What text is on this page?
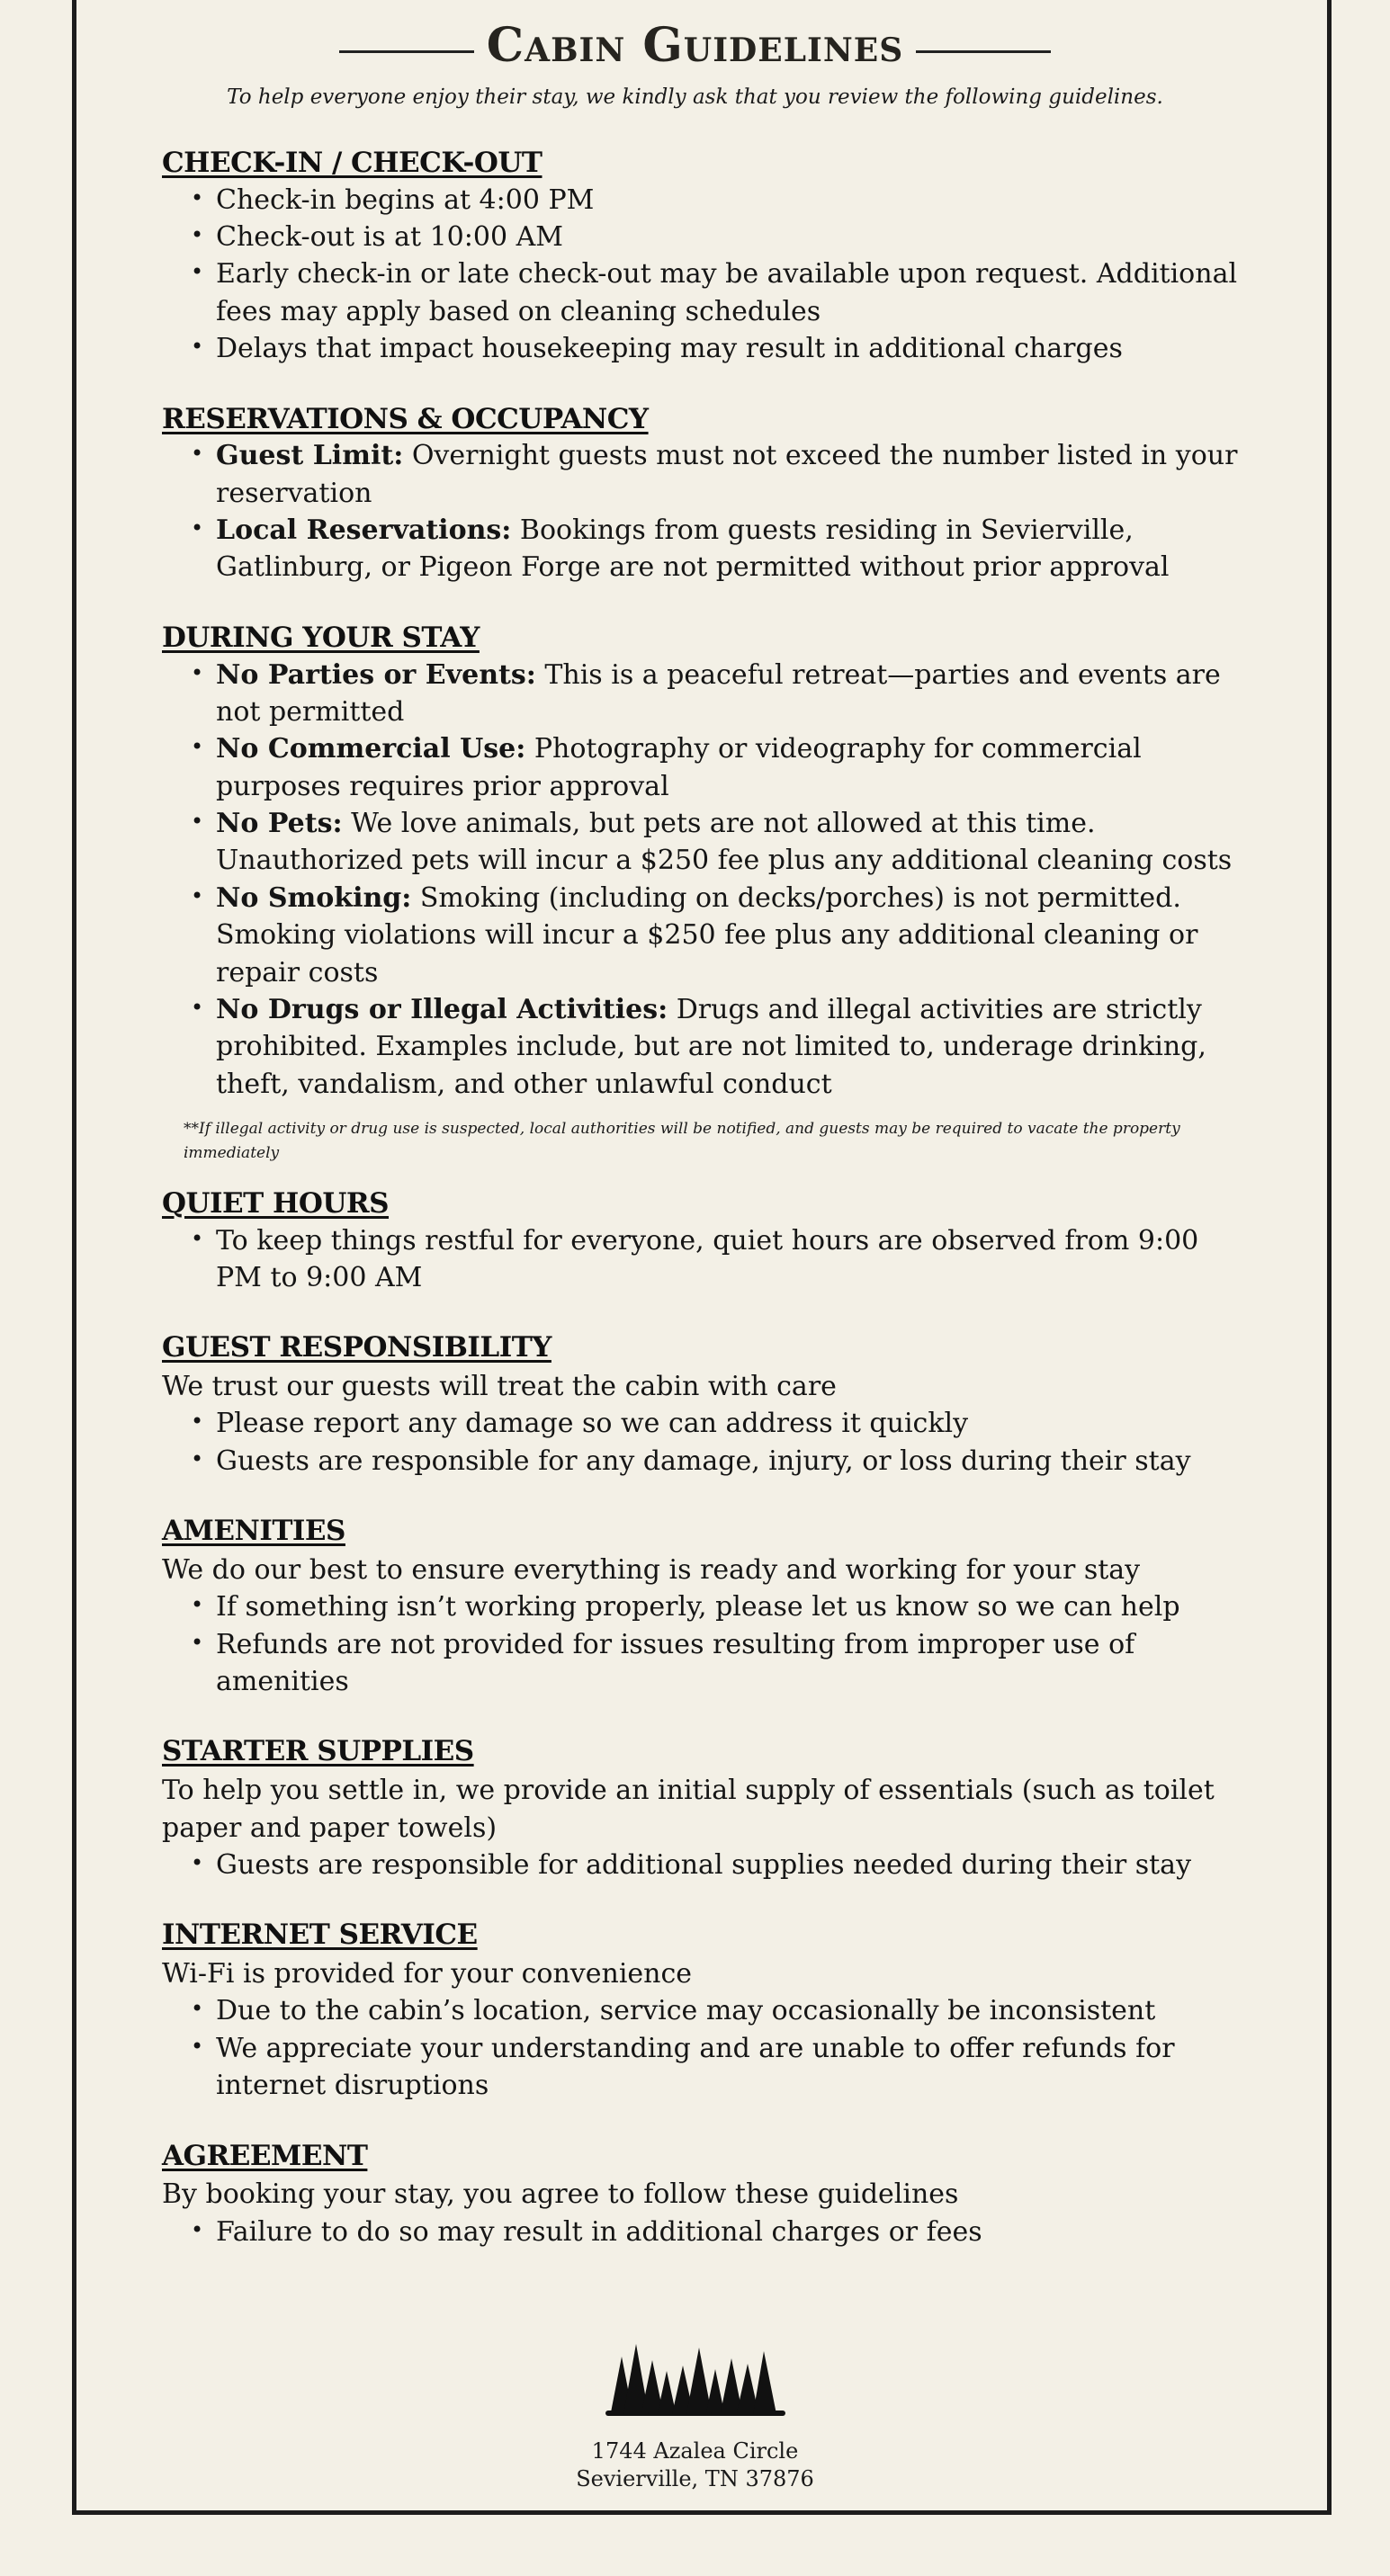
Cabin Guidelines
To help everyone enjoy their stay, we kindly ask that you review the following guidelines.
CHECK-IN / CHECK-OUT
• Check-in begins at 4:00 PM
• Check-out is at 10:00 AM
• Early check-in or late check-out may be available upon request. Additional fees may apply based on cleaning schedules
• Delays that impact housekeeping may result in additional charges
RESERVATIONS & OCCUPANCY
• Guest Limit: Overnight guests must not exceed the number listed in your reservation
• Local Reservations: Bookings from guests residing in Sevierville, Gatlinburg, or Pigeon Forge are not permitted without prior approval
DURING YOUR STAY
• No Parties or Events: This is a peaceful retreat—parties and events are not permitted
• No Commercial Use: Photography or videography for commercial purposes requires prior approval
• No Pets: We love animals, but pets are not allowed at this time. Unauthorized pets will incur a $250 fee plus any additional cleaning costs
• No Smoking: Smoking (including on decks/porches) is not permitted. Smoking violations will incur a $250 fee plus any additional cleaning or repair costs
• No Drugs or Illegal Activities: Drugs and illegal activities are strictly prohibited. Examples include, but are not limited to, underage drinking, theft, vandalism, and other unlawful conduct
**If illegal activity or drug use is suspected, local authorities will be notified, and guests may be required to vacate the property immediately
QUIET HOURS
• To keep things restful for everyone, quiet hours are observed from 9:00 PM to 9:00 AM
GUEST RESPONSIBILITY
We trust our guests will treat the cabin with care
• Please report any damage so we can address it quickly
• Guests are responsible for any damage, injury, or loss during their stay
AMENITIES
We do our best to ensure everything is ready and working for your stay
• If something isn’t working properly, please let us know so we can help
• Refunds are not provided for issues resulting from improper use of amenities
STARTER SUPPLIES
To help you settle in, we provide an initial supply of essentials (such as toilet paper and paper towels)
• Guests are responsible for additional supplies needed during their stay
INTERNET SERVICE
Wi-Fi is provided for your convenience
• Due to the cabin’s location, service may occasionally be inconsistent
• We appreciate your understanding and are unable to offer refunds for internet disruptions
AGREEMENT
By booking your stay, you agree to follow these guidelines
• Failure to do so may result in additional charges or fees
1744 Azalea Circle
Sevierville, TN 37876
